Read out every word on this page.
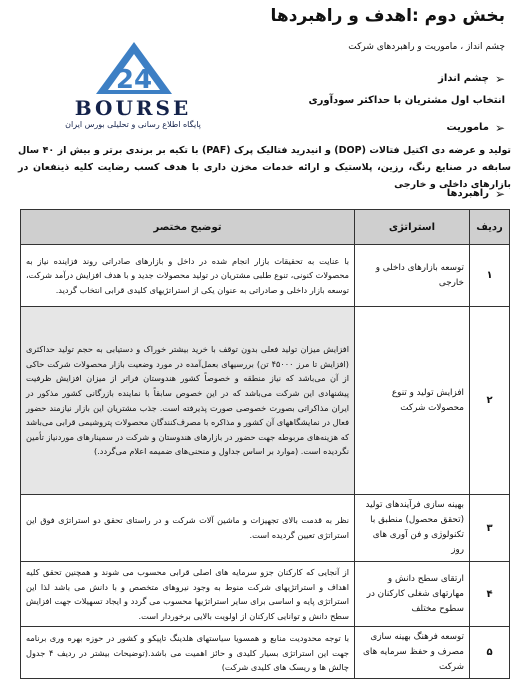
بخش دوم :اهدف و راهبردها
چشم انداز ، ماموریت و راهبردهای شرکت
24
BOURSE
پایگاه اطلاع رسانی و تحلیلی بورس ایران
➢
چشم انداز
انتخاب اول مشتریان با حداکثر سودآوری
➢
ماموریت
تولید و عرضه دی اکتیل فتالات (DOP) و انیدرید فتالیک پرک (PAF) با تکیه بر برندی برتر و بیش از ۴۰ سال سابقه در صنایع رنگ، رزین، پلاستیک و ارائه خدمات مخزن داری با هدف کسب رضایت کلیه ذینفعان در بازارهای داخلی و خارجی
➢
راهبردها
ردیف	استراتژی	توضیح مختصر
۱	توسعه بازارهای داخلی و خارجی	با عنایت به تحقیقات بازار انجام شده در داخل و بازارهای صادراتی روند فزاینده نیاز به محصولات کنونی، تنوع طلبی مشتریان در تولید محصولات جدید و با هدف افزایش درآمد شرکت، توسعه بازار داخلی و صادراتی به عنوان یکی از استراتژیهای کلیدی قرابی انتخاب گردید.
۲	افزایش تولید و تنوع محصولات شرکت	افزایش میزان تولید فعلی بدون توقف با خرید بیشتر خوراک و دستیابی به حجم تولید حداکثری (افزایش تا مرز ۴۵۰۰۰ تن) بررسیهای بعمل‌آمده در مورد وضعیت بازار محصولات شرکت حاکی از آن می‌باشد که نیاز منطقه و خصوصاً کشور هندوستان فراتر از میزان افزایش ظرفیت پیشنهادی این شرکت می‌باشد که در این خصوص سابقاً با نماینده بازرگانی کشور مذکور در ایران مذاکراتی بصورت خصوصی صورت پذیرفته است. جذب مشتریان این بازار نیازمند حضور فعال در نمایشگاههای آن کشور و مذاکره با مصرف‌کنندگان محصولات پتروشیمی قرابی می‌باشد که هزینه‌های مربوطه جهت حضور در بازارهای هندوستان و شرکت در سمینارهای موردنیاز تأمین نگردیده است. (موارد بر اساس جداول و منحنی‌های ضمیمه اعلام می‌گردد.)
۳	بهینه سازی فرآیندهای تولید (تحقق محصول) منطبق با تکنولوژی و فن آوری های روز	نظر به قدمت بالای تجهیزات و ماشین آلات شرکت و در راستای تحقق دو استراتژی فوق این استراتژی تعیین گردیده است.
۴	ارتقای سطح دانش و مهارتهای شغلی کارکنان در سطوح مختلف	از آنجایی که کارکنان جزو سرمایه های اصلی قرابی محسوب می شوند و همچنین تحقق کلیه اهداف و استراتژیهای شرکت منوط به وجود نیروهای متخصص و با دانش می باشد لذا این استراتژی پایه و اساسی برای سایر استراتژیها محسوب می گردد و ایجاد تسهیلات جهت افزایش سطح دانش و توانایی کارکنان از اولویت بالایی برخوردار است.
۵	توسعه فرهنگ بهینه سازی مصرف و حفظ سرمایه های شرکت	با توجه محدودیت منابع و همسویا سیاستهای هلدینگ تاپیکو و کشور در حوزه بهره وری برنامه جهت این استراتژی بسیار کلیدی و حائز اهمیت می باشد.(توضیحات بیشتر در ردیف ۴ جدول چالش ها و ریسک های کلیدی شرکت)
